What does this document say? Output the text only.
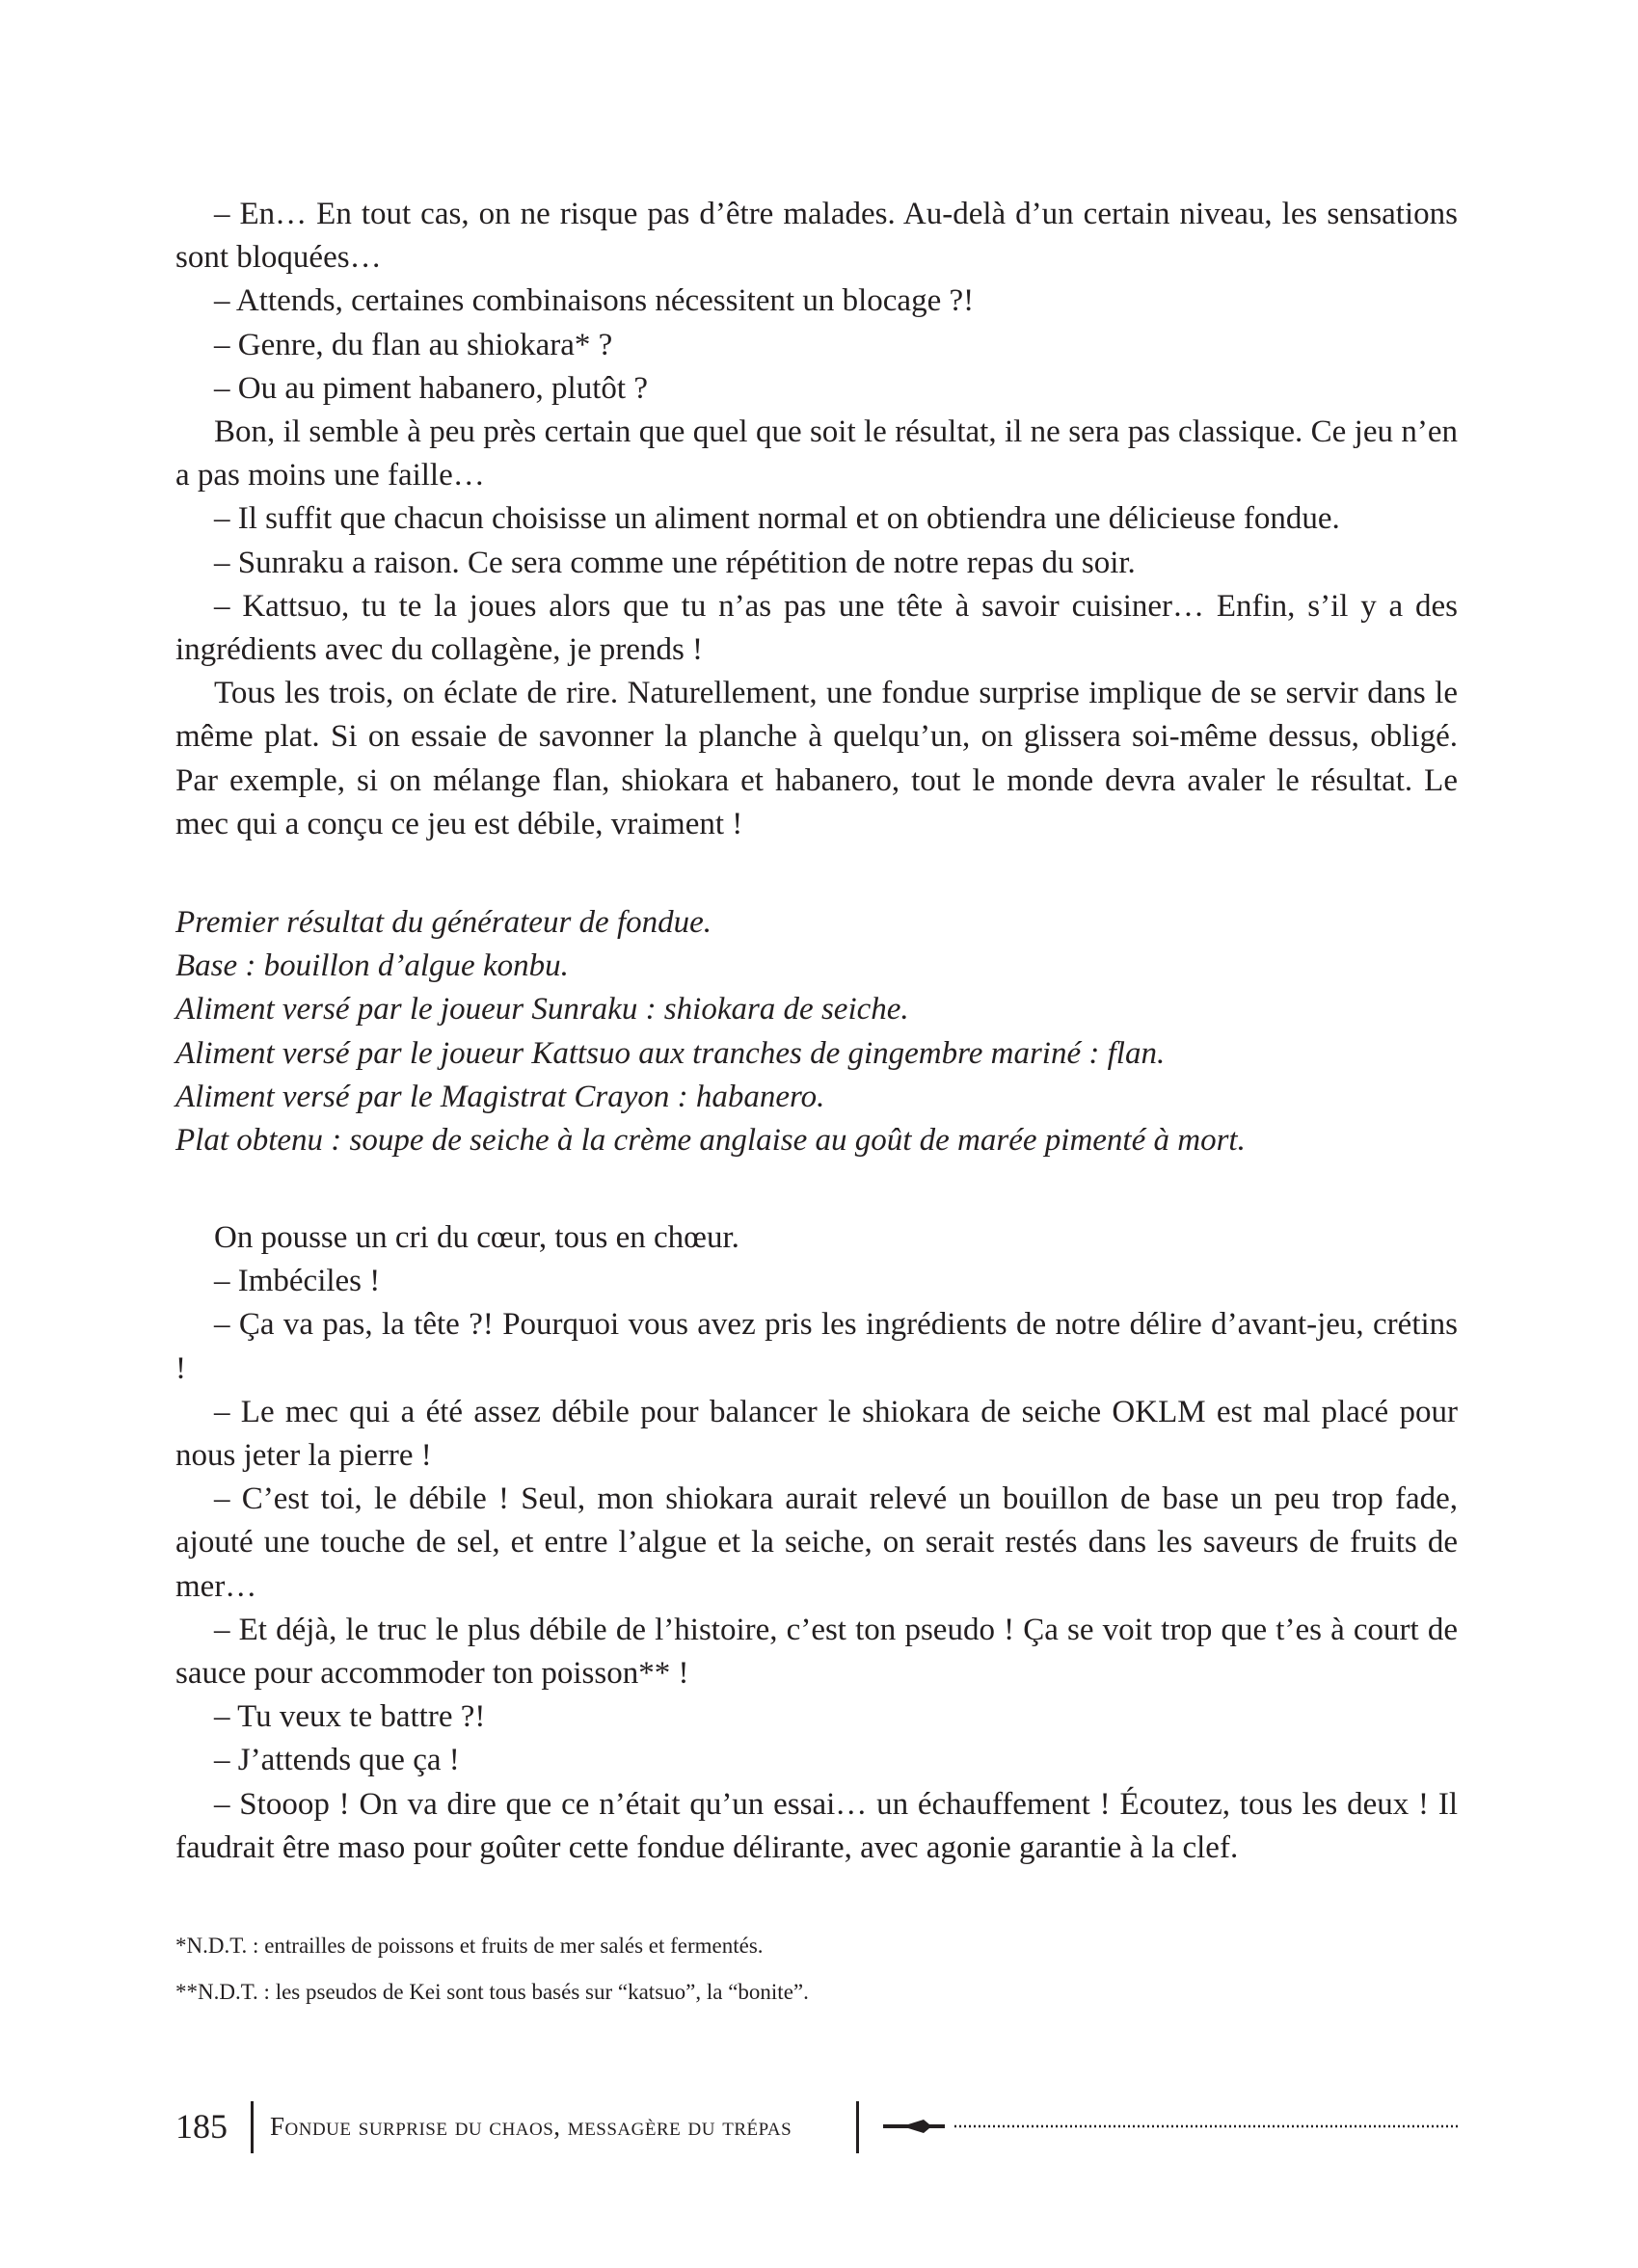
– En… En tout cas, on ne risque pas d’être malades. Au-delà d’un certain niveau, les sensations sont bloquées…

– Attends, certaines combinaisons nécessitent un blocage ?!

– Genre, du flan au shiokara* ?

– Ou au piment habanero, plutôt ?

Bon, il semble à peu près certain que quel que soit le résultat, il ne sera pas classique. Ce jeu n’en a pas moins une faille…

– Il suffit que chacun choisisse un aliment normal et on obtiendra une délicieuse fondue.

– Sunraku a raison. Ce sera comme une répétition de notre repas du soir.

– Kattsuo, tu te la joues alors que tu n’as pas une tête à savoir cuisiner… Enfin, s’il y a des ingrédients avec du collagène, je prends !

Tous les trois, on éclate de rire. Naturellement, une fondue surprise implique de se servir dans le même plat. Si on essaie de savonner la planche à quelqu’un, on glissera soi-même dessus, obligé. Par exemple, si on mélange flan, shiokara et habanero, tout le monde devra avaler le résultat. Le mec qui a conçu ce jeu est débile, vraiment !

Premier résultat du générateur de fondue.

Base : bouillon d’algue konbu.

Aliment versé par le joueur Sunraku : shiokara de seiche.

Aliment versé par le joueur Kattsuo aux tranches de gingembre mariné : flan.

Aliment versé par le Magistrat Crayon : habanero.

Plat obtenu : soupe de seiche à la crème anglaise au goût de marée pimenté à mort.

On pousse un cri du cœur, tous en chœur.

– Imbéciles !

– Ça va pas, la tête ?! Pourquoi vous avez pris les ingrédients de notre délire d’avant-jeu, crétins !

– Le mec qui a été assez débile pour balancer le shiokara de seiche OKLM est mal placé pour nous jeter la pierre !

– C’est toi, le débile ! Seul, mon shiokara aurait relevé un bouillon de base un peu trop fade, ajouté une touche de sel, et entre l’algue et la seiche, on serait restés dans les saveurs de fruits de mer…

– Et déjà, le truc le plus débile de l’histoire, c’est ton pseudo ! Ça se voit trop que t’es à court de sauce pour accommoder ton poisson** !

– Tu veux te battre ?!

– J’attends que ça !

– Stooop ! On va dire que ce n’était qu’un essai… un échauffement ! Écoutez, tous les deux ! Il faudrait être maso pour goûter cette fondue délirante, avec agonie garantie à la clef.

*N.D.T. : entrailles de poissons et fruits de mer salés et fermentés.

**N.D.T. : les pseudos de Kei sont tous basés sur “katsuo”, la “bonite”.

185 Fondue surprise du chaos, messagère du trépas
